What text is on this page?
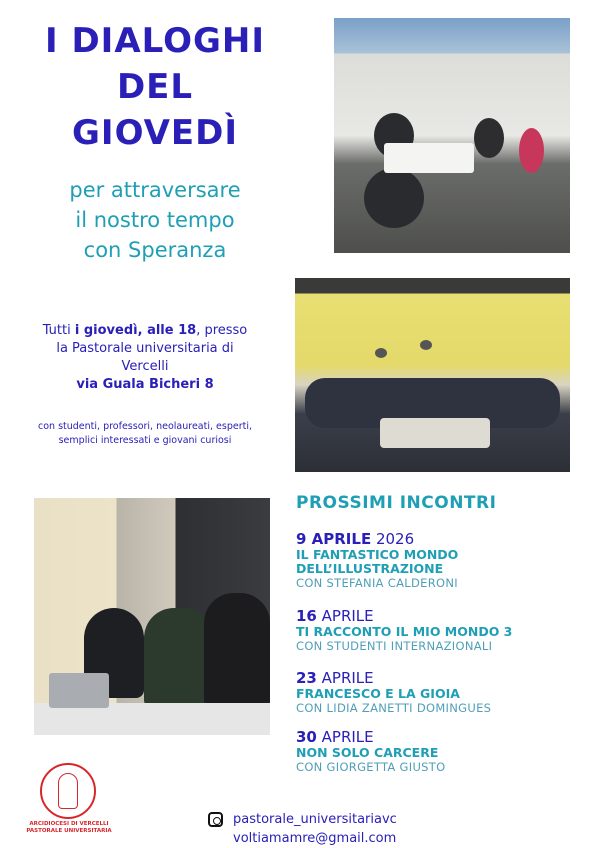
I DIALOGHI
DEL
GIOVEDÌ
per attraversare
il nostro tempo
con Speranza
Tutti i giovedì, alle 18, presso
la Pastorale universitaria di
Vercelli
via Guala Bicheri 8
con studenti, professori, neolaureati, esperti,
semplici interessati e giovani curiosi
PROSSIMI INCONTRI
9 APRILE 2026
IL FANTASTICO MONDO
DELL’ILLUSTRAZIONE
CON STEFANIA CALDERONI
16 APRILE
TI RACCONTO IL MIO MONDO 3
CON STUDENTI INTERNAZIONALI
23 APRILE
FRANCESCO E LA GIOIA
CON LIDIA ZANETTI DOMINGUES
30 APRILE
NON SOLO CARCERE
CON GIORGETTA GIUSTO
ARCIDIOCESI DI VERCELLI
PASTORALE UNIVERSITARIA
pastorale_universitariavc
voltiamamre@gmail.com
